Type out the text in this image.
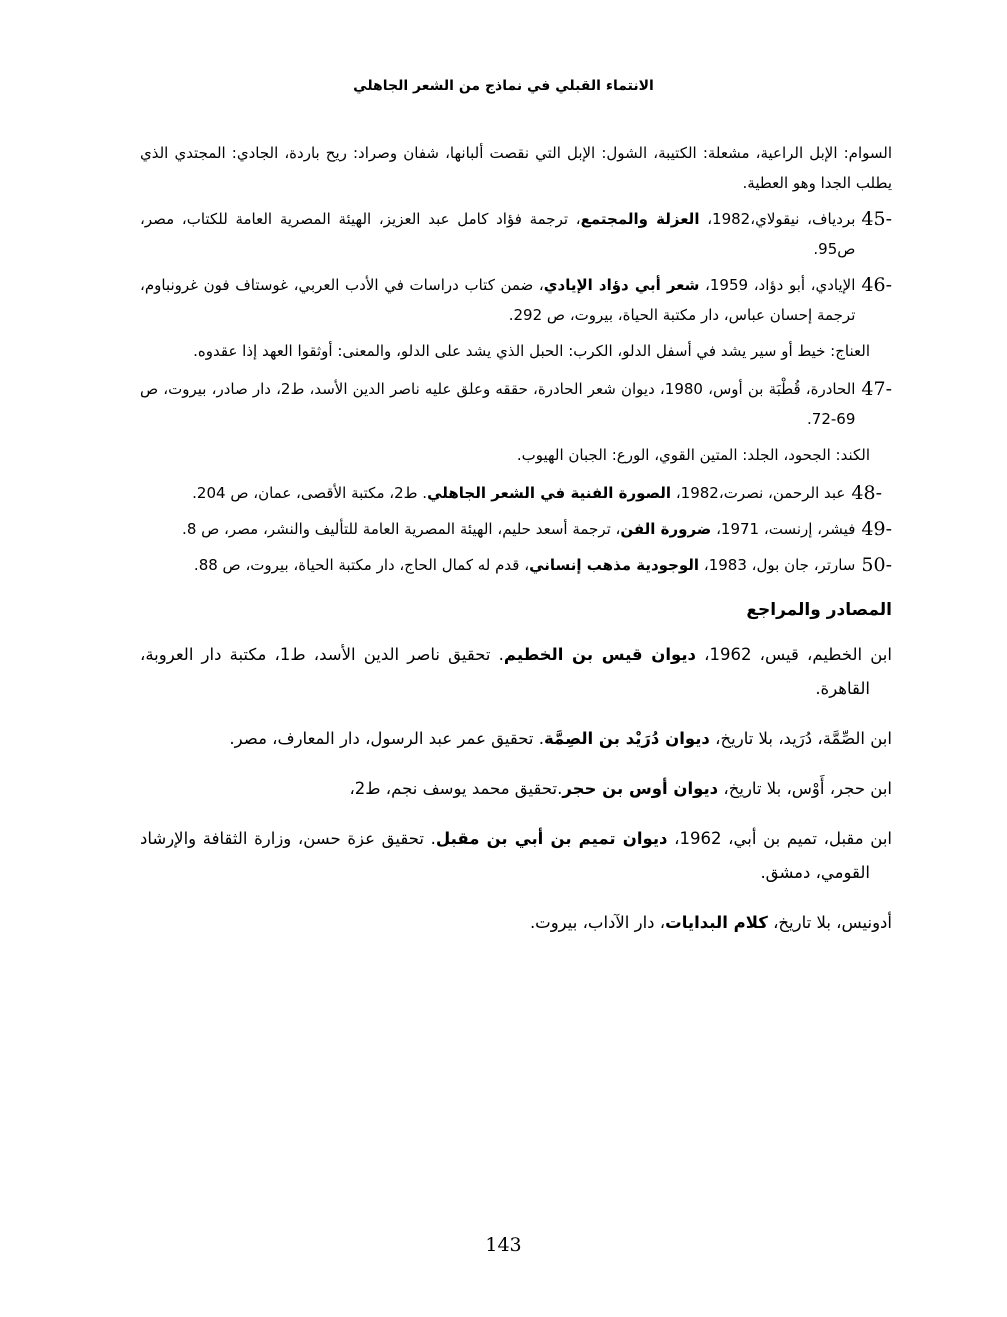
الانتماء القبلي في نماذج من الشعر الجاهلي

السوام: الإبل الراعية، مشعلة: الكتيبة، الشول: الإبل التي نقصت ألبانها، شفان وصراد: ريح باردة، الجادي: المجتدي الذي يطلب الجدا وهو العطية.

45-
بردياف، نيقولاي،1982، العزلة والمجتمع، ترجمة فؤاد كامل عبد العزيز، الهيئة المصرية العامة للكتاب، مصر، ص95.
46-
الإيادي، أبو دؤاد، 1959، شعر أبي دؤاد الإيادي، ضمن كتاب دراسات في الأدب العربي، غوستاف فون غرونباوم، ترجمة إحسان عباس، دار مكتبة الحياة، بيروت، ص 292.

العناج: خيط أو سير يشد في أسفل الدلو، الكرب: الحبل الذي يشد على الدلو، والمعنى: أوثقوا العهد إذا عقدوه.

47-
الحادرة، قُطْبَة بن أوس، 1980، ديوان شعر الحادرة، حققه وعلق عليه ناصر الدين الأسد، ط2، دار صادر، بيروت، ص 69-72.

الكند: الجحود، الجلد: المتين القوي، الورع: الجبان الهيوب.

48-
عبد الرحمن، نصرت،1982، الصورة الفنية في الشعر الجاهلي. ط2، مكتبة الأقصى، عمان، ص 204.
49-
فيشر، إرنست، 1971، ضرورة الفن، ترجمة أسعد حليم، الهيئة المصرية العامة للتأليف والنشر، مصر، ص 8.
50-
سارتر، جان بول، 1983، الوجودية مذهب إنساني، قدم له كمال الحاج، دار مكتبة الحياة، بيروت، ص 88.
المصادر والمراجع

ابن الخطيم، قيس، 1962، ديوان قيس بن الخطيم. تحقيق ناصر الدين الأسد، ط1، مكتبة دار العروبة، القاهرة.

ابن الصِّمَّة، دُرَيد، بلا تاريخ، ديوان دُرَيْد بن الصِمَّة. تحقيق عمر عبد الرسول، دار المعارف، مصر.

ابن حجر، أَوْس، بلا تاريخ، ديوان أوس بن حجر.تحقيق محمد يوسف نجم، ط2،

ابن مقبل، تميم بن أبي، 1962، ديوان تميم بن أبي بن مقبل. تحقيق عزة حسن، وزارة الثقافة والإرشاد القومي، دمشق.

أدونيس، بلا تاريخ، كلام البدايات، دار الآداب، بيروت.

143
